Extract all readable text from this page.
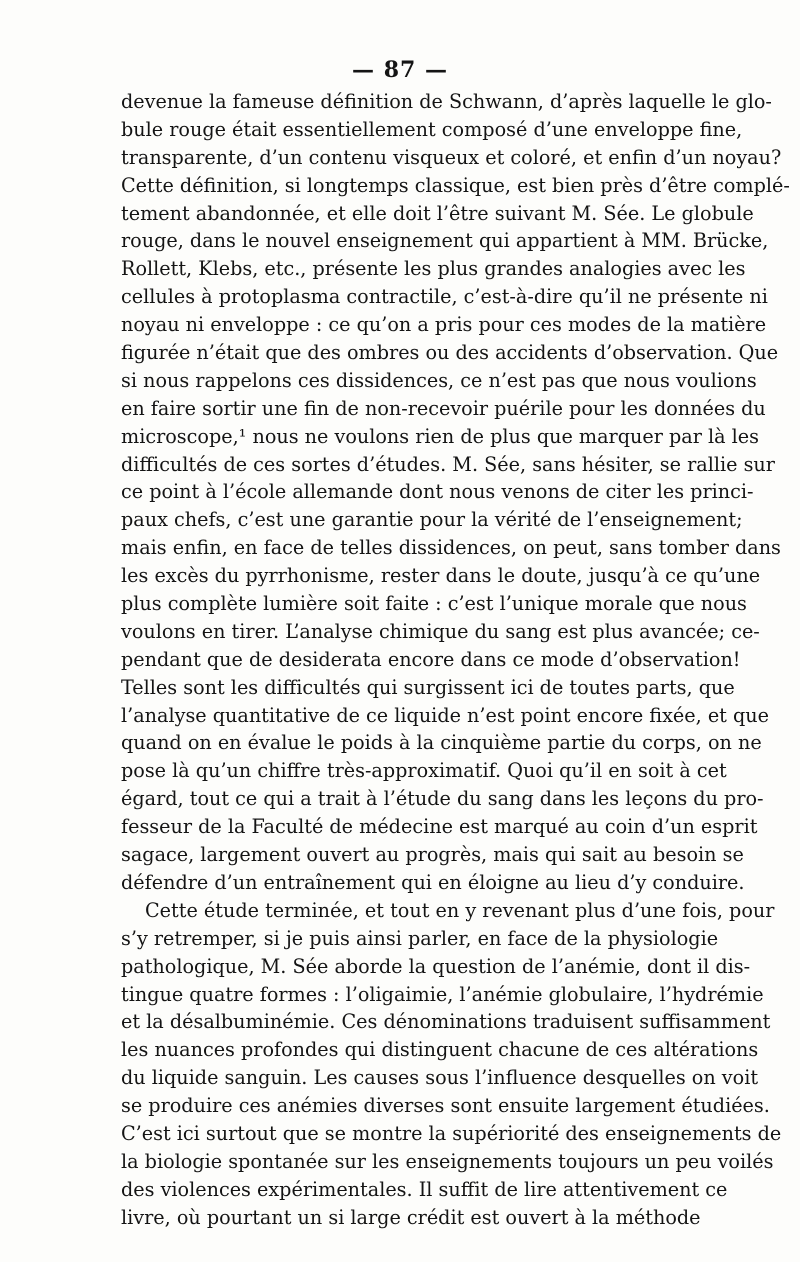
— 87 —
devenue la fameuse définition de Schwann, d’après laquelle le glo-
bule rouge était essentiellement composé d’une enveloppe fine,
transparente, d’un contenu visqueux et coloré, et enfin d’un noyau?
Cette définition, si longtemps classique, est bien près d’être complé-
tement abandonnée, et elle doit l’être suivant M. Sée. Le globule
rouge, dans le nouvel enseignement qui appartient à MM. Brücke,
Rollett, Klebs, etc., présente les plus grandes analogies avec les
cellules à protoplasma contractile, c’est-à-dire qu’il ne présente ni
noyau ni enveloppe : ce qu’on a pris pour ces modes de la matière
figurée n’était que des ombres ou des accidents d’observation. Que
si nous rappelons ces dissidences, ce n’est pas que nous voulions
en faire sortir une fin de non-recevoir puérile pour les données du
microscope,¹ nous ne voulons rien de plus que marquer par là les
difficultés de ces sortes d’études. M. Sée, sans hésiter, se rallie sur
ce point à l’école allemande dont nous venons de citer les princi-
paux chefs, c’est une garantie pour la vérité de l’enseignement;
mais enfin, en face de telles dissidences, on peut, sans tomber dans
les excès du pyrrhonisme, rester dans le doute, jusqu’à ce qu’une
plus complète lumière soit faite : c’est l’unique morale que nous
voulons en tirer. L’analyse chimique du sang est plus avancée; ce-
pendant que de desiderata encore dans ce mode d’observation!
Telles sont les difficultés qui surgissent ici de toutes parts, que
l’analyse quantitative de ce liquide n’est point encore fixée, et que
quand on en évalue le poids à la cinquième partie du corps, on ne
pose là qu’un chiffre très-approximatif. Quoi qu’il en soit à cet
égard, tout ce qui a trait à l’étude du sang dans les leçons du pro-
fesseur de la Faculté de médecine est marqué au coin d’un esprit
sagace, largement ouvert au progrès, mais qui sait au besoin se
défendre d’un entraînement qui en éloigne au lieu d’y conduire.
Cette étude terminée, et tout en y revenant plus d’une fois, pour
s’y retremper, si je puis ainsi parler, en face de la physiologie
pathologique, M. Sée aborde la question de l’anémie, dont il dis-
tingue quatre formes : l’oligaimie, l’anémie globulaire, l’hydrémie
et la désalbuminémie. Ces dénominations traduisent suffisamment
les nuances profondes qui distinguent chacune de ces altérations
du liquide sanguin. Les causes sous l’influence desquelles on voit
se produire ces anémies diverses sont ensuite largement étudiées.
C’est ici surtout que se montre la supériorité des enseignements de
la biologie spontanée sur les enseignements toujours un peu voilés
des violences expérimentales. Il suffit de lire attentivement ce
livre, où pourtant un si large crédit est ouvert à la méthode
